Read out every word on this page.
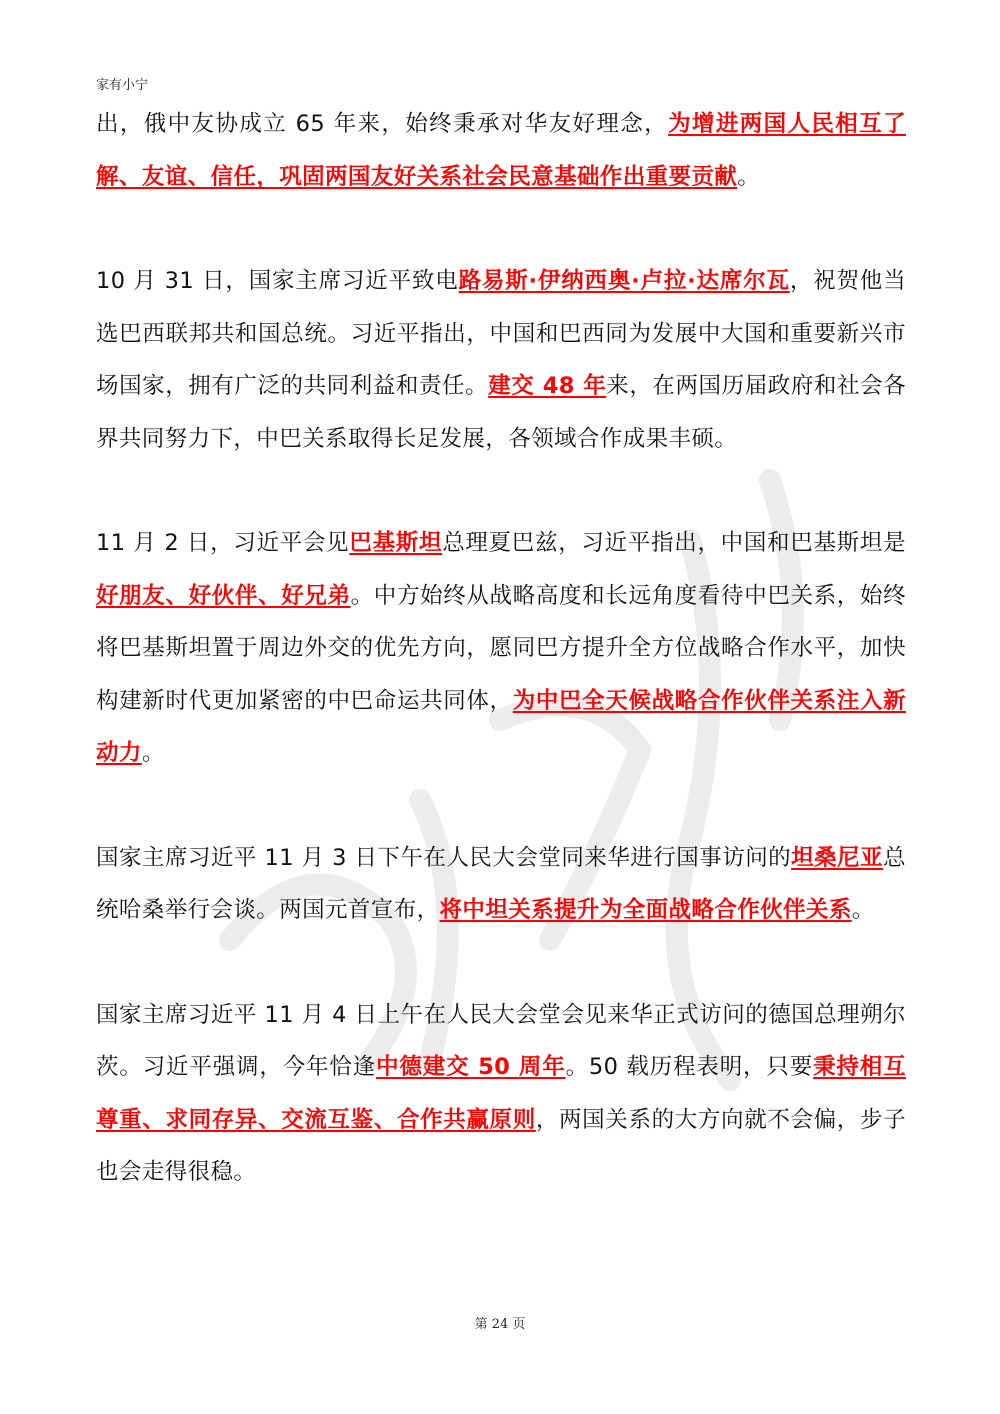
家有小宁

出，俄中友协成立 65 年来，始终秉承对华友好理念，为增进两国人民相互了解、友谊、信任，巩固两国友好关系社会民意基础作出重要贡献。

10 月 31 日，国家主席习近平致电路易斯·伊纳西奥·卢拉·达席尔瓦，祝贺他当选巴西联邦共和国总统。习近平指出，中国和巴西同为发展中大国和重要新兴市场国家，拥有广泛的共同利益和责任。建交 48 年来，在两国历届政府和社会各界共同努力下，中巴关系取得长足发展，各领域合作成果丰硕。

11 月 2 日，习近平会见巴基斯坦总理夏巴兹，习近平指出，中国和巴基斯坦是好朋友、好伙伴、好兄弟。中方始终从战略高度和长远角度看待中巴关系，始终将巴基斯坦置于周边外交的优先方向，愿同巴方提升全方位战略合作水平，加快构建新时代更加紧密的中巴命运共同体，为中巴全天候战略合作伙伴关系注入新动力。

国家主席习近平 11 月 3 日下午在人民大会堂同来华进行国事访问的坦桑尼亚总统哈桑举行会谈。两国元首宣布，将中坦关系提升为全面战略合作伙伴关系。

国家主席习近平 11 月 4 日上午在人民大会堂会见来华正式访问的德国总理朔尔茨。习近平强调，今年恰逢中德建交 50 周年。50 载历程表明，只要秉持相互尊重、求同存异、交流互鉴、合作共赢原则，两国关系的大方向就不会偏，步子也会走得很稳。

第 24 页
